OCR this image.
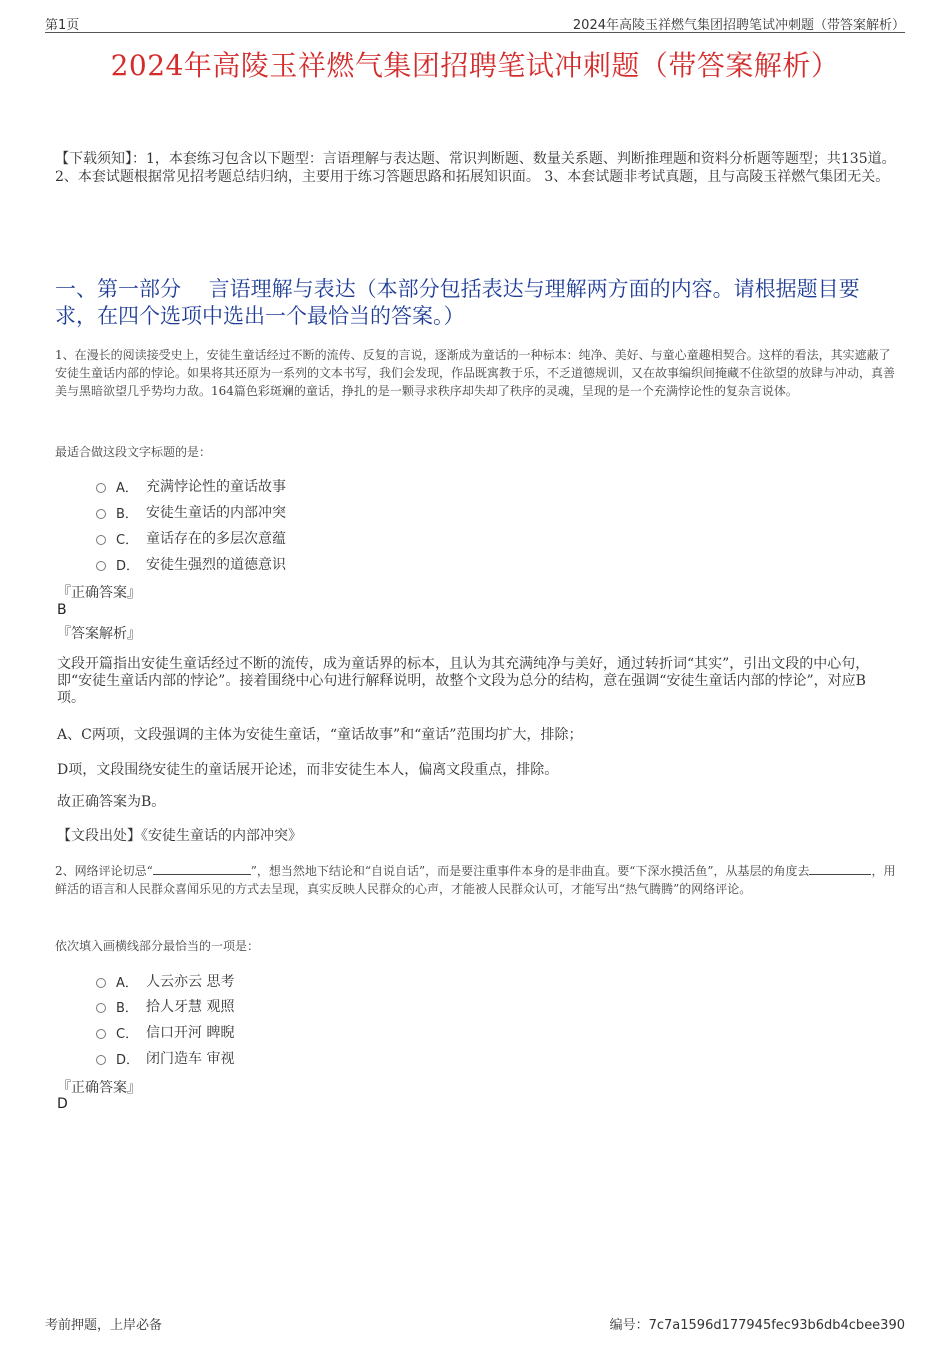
第1页	2024年高陵玉祥燃气集团招聘笔试冲刺题（带答案解析）
2024年高陵玉祥燃气集团招聘笔试冲刺题（带答案解析）
【下载须知】：1，本套练习包含以下题型：言语理解与表达题、常识判断题、数量关系题、判断推理题和资料分析题等题型；共135道。 2、本套试题根据常见招考题总结归纳，主要用于练习答题思路和拓展知识面。 3、本套试题非考试真题，且与高陵玉祥燃气集团无关。
一、第一部分　 言语理解与表达（本部分包括表达与理解两方面的内容。请根据题目要求，在四个选项中选出一个最恰当的答案。）
1、在漫长的阅读接受史上，安徒生童话经过不断的流传、反复的言说，逐渐成为童话的一种标本：纯净、美好、与童心童趣相契合。这样的看法，其实遮蔽了安徒生童话内部的悖论。如果将其还原为一系列的文本书写，我们会发现，作品既寓教于乐，不乏道德规训，又在故事编织间掩藏不住欲望的放肆与冲动，真善美与黑暗欲望几乎势均力敌。164篇色彩斑斓的童话，挣扎的是一颗寻求秩序却失却了秩序的灵魂，呈现的是一个充满悖论性的复杂言说体。
最适合做这段文字标题的是：
A． 充满悖论性的童话故事
B． 安徒生童话的内部冲突
C． 童话存在的多层次意蕴
D． 安徒生强烈的道德意识
『正确答案』
B
『答案解析』
文段开篇指出安徒生童话经过不断的流传，成为童话界的标本，且认为其充满纯净与美好，通过转折词“其实”，引出文段的中心句，即“安徒生童话内部的悖论”。接着围绕中心句进行解释说明，故整个文段为总分的结构，意在强调“安徒生童话内部的悖论”，对应B项。
A、C两项，文段强调的主体为安徒生童话，“童话故事”和“童话”范围均扩大，排除；
D项，文段围绕安徒生的童话展开论述，而非安徒生本人，偏离文段重点，排除。
故正确答案为B。
【文段出处】《安徒生童话的内部冲突》
2、网络评论切忌“	”，想当然地下结论和“自说自话”，而是要注重事件本身的是非曲直。要“下深水摸活鱼”，从基层的角度去	，用鲜活的语言和人民群众喜闻乐见的方式去呈现，真实反映人民群众的心声，才能被人民群众认可，才能写出“热气腾腾”的网络评论。
依次填入画横线部分最恰当的一项是：
A． 人云亦云 思考
B． 拾人牙慧 观照
C． 信口开河 睥睨
D． 闭门造车 审视
『正确答案』
D
考前押题，上岸必备	编号：7c7a1596d177945fec93b6db4cbee390
